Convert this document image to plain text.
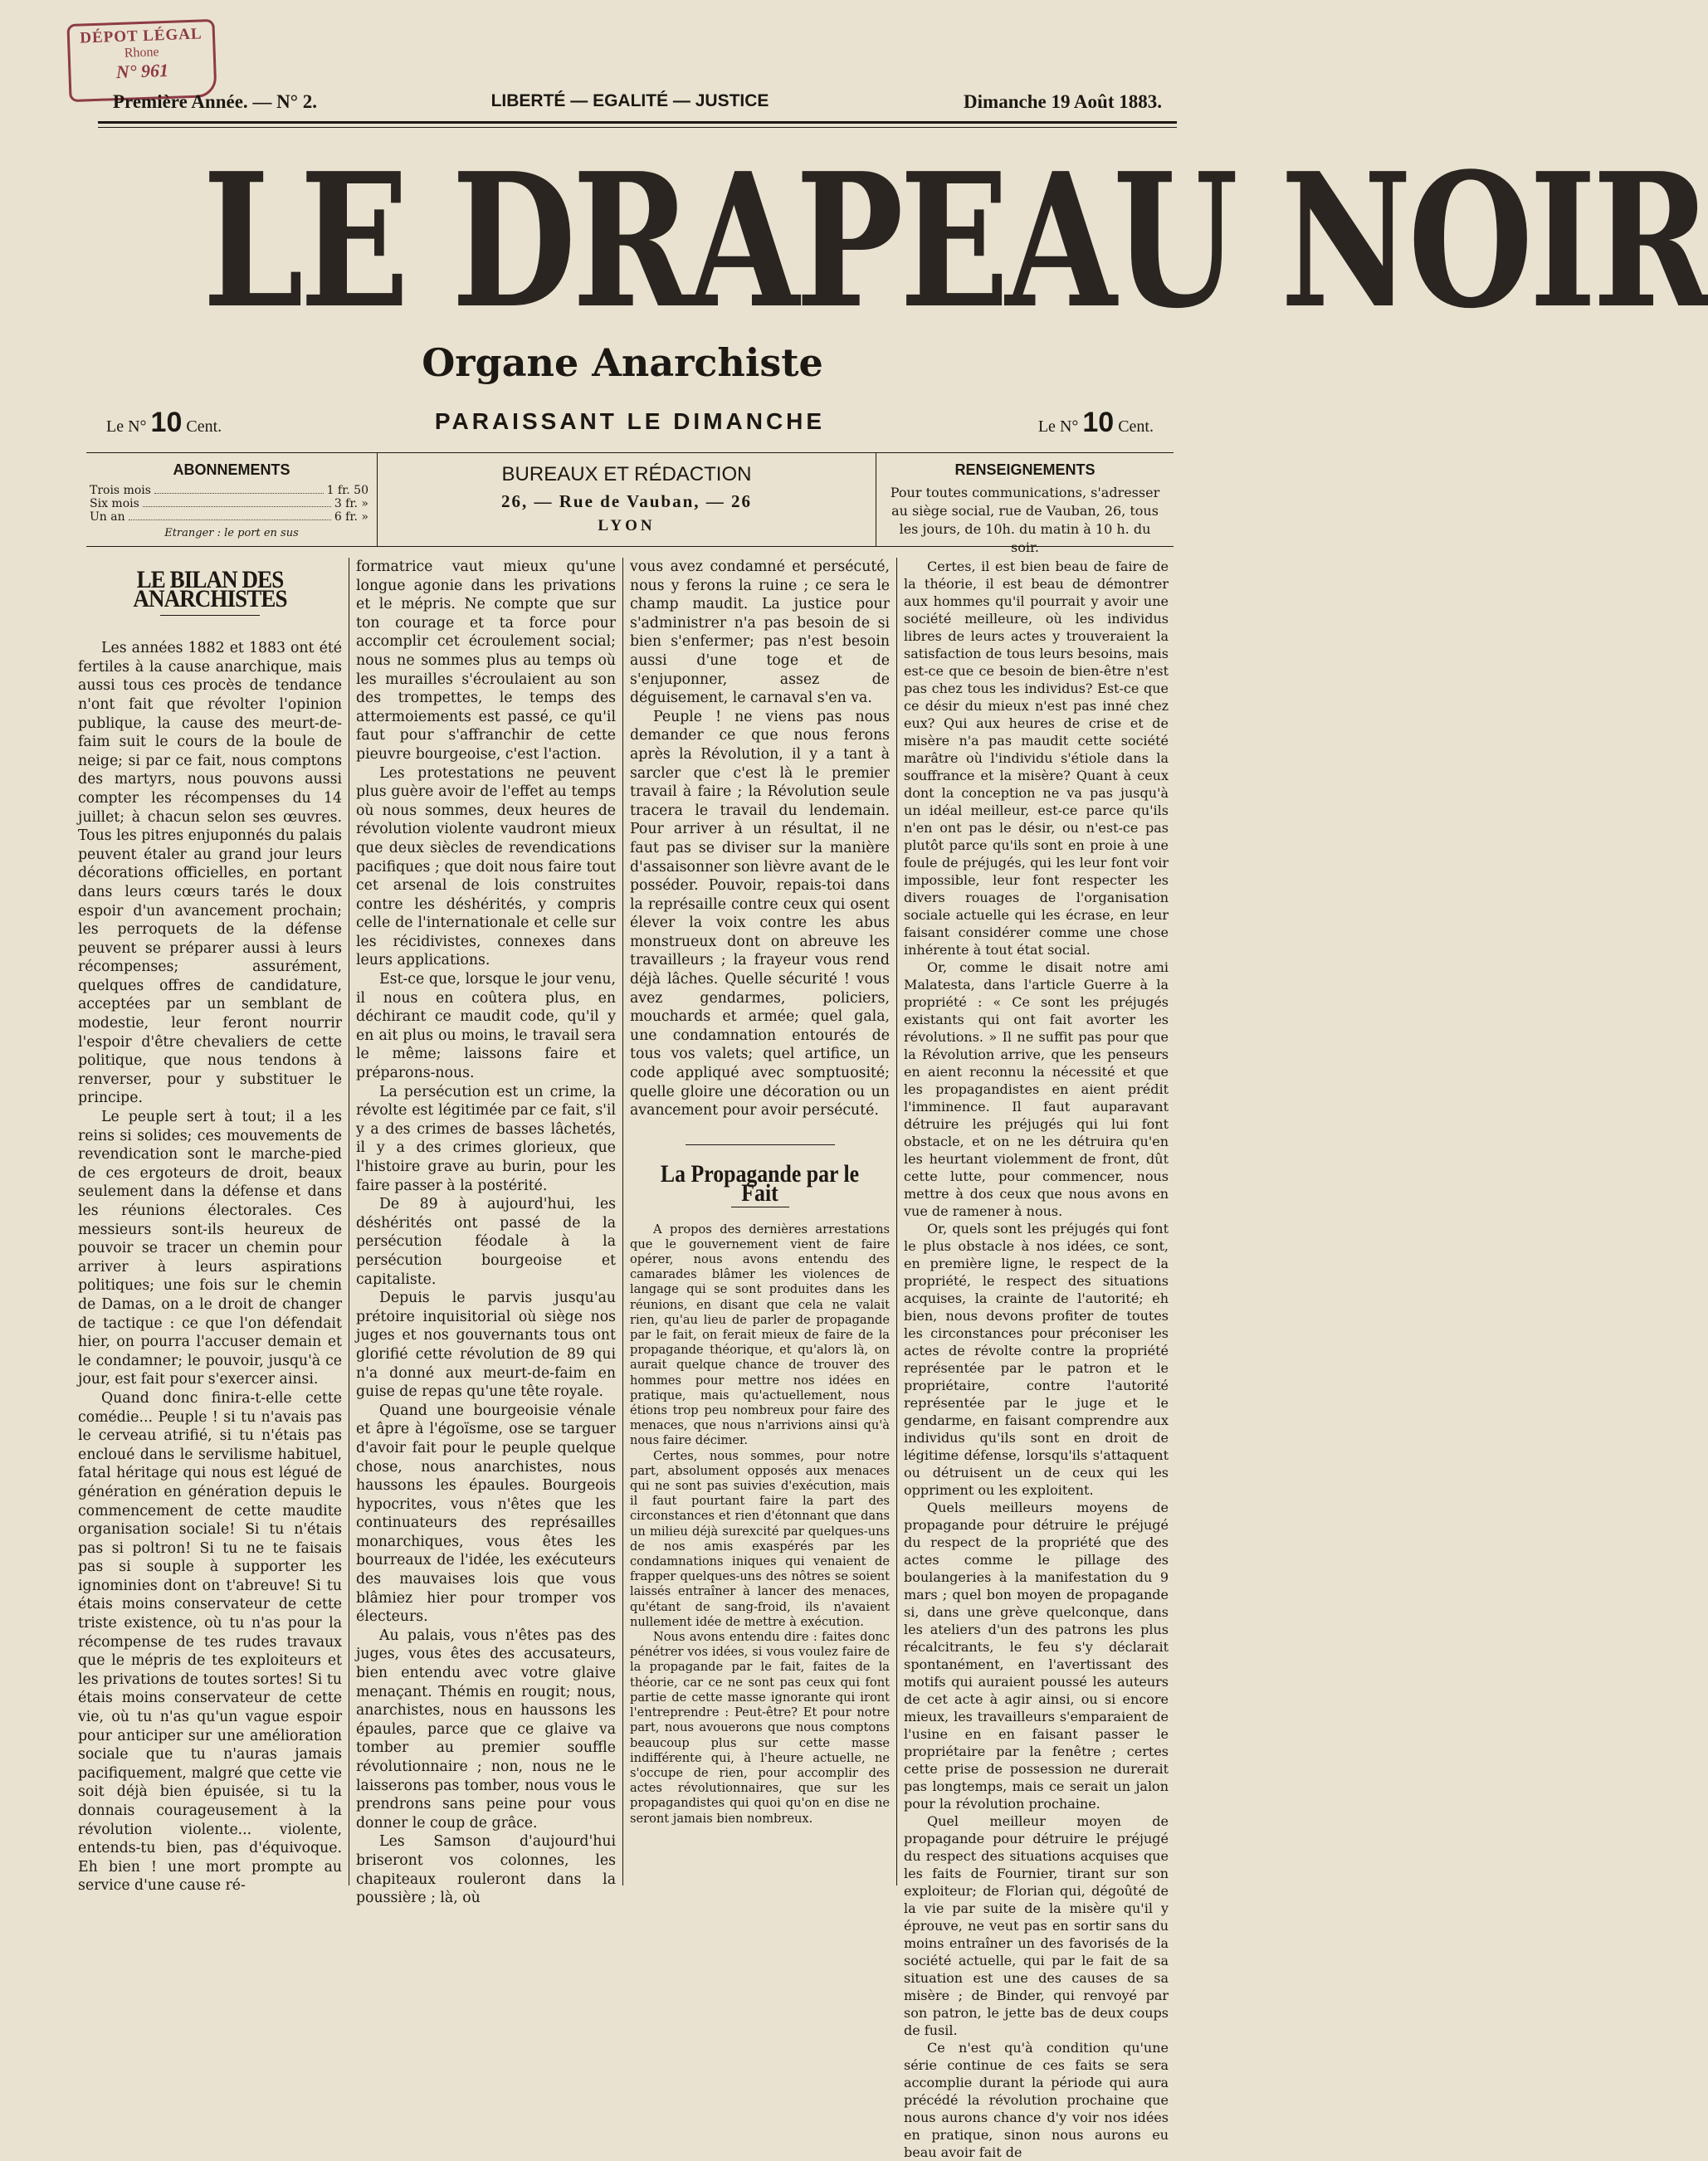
DÉPOT LÉGAL
Rhone
N° 961
Première Année. — N° 2.	LIBERTÉ — EGALITÉ — JUSTICE	Dimanche 19 Août 1883.
LE DRAPEAU NOIR
Organe Anarchiste
Le N° 10 Cent.	PARAISSANT LE DIMANCHE	Le N° 10 Cent.
ABONNEMENTS
Trois mois	1 fr. 50
Six mois	3 fr. »
Un an	6 fr. »
Etranger : le port en sus
BUREAUX ET RÉDACTION
26, — Rue de Vauban, — 26
LYON
RENSEIGNEMENTS
Pour toutes communications, s'adresser au siège social, rue de Vauban, 26, tous les jours, de 10h. du matin à 10 h. du soir.
LE BILAN DES ANARCHISTES

Les années 1882 et 1883 ont été fertiles à la cause anarchique, mais aussi tous ces procès de tendance n'ont fait que révolter l'opinion publique, la cause des meurt-de-faim suit le cours de la boule de neige; si par ce fait, nous comptons des martyrs, nous pouvons aussi compter les récompenses du 14 juillet; à chacun selon ses œuvres. Tous les pitres enjuponnés du palais peuvent étaler au grand jour leurs décorations officielles, en portant dans leurs cœurs tarés le doux espoir d'un avancement prochain; les perroquets de la défense peuvent se préparer aussi à leurs récompenses; assurément, quelques offres de candidature, acceptées par un semblant de modestie, leur feront nourrir l'espoir d'être chevaliers de cette politique, que nous tendons à renverser, pour y substituer le principe.

Le peuple sert à tout; il a les reins si solides; ces mouvements de revendication sont le marche-pied de ces ergoteurs de droit, beaux seulement dans la défense et dans les réunions électorales. Ces messieurs sont-ils heureux de pouvoir se tracer un chemin pour arriver à leurs aspirations politiques; une fois sur le chemin de Damas, on a le droit de changer de tactique : ce que l'on défendait hier, on pourra l'accuser demain et le condamner; le pouvoir, jusqu'à ce jour, est fait pour s'exercer ainsi.

Quand donc finira-t-elle cette comédie... Peuple ! si tu n'avais pas le cerveau atrifié, si tu n'étais pas encloué dans le servilisme habituel, fatal héritage qui nous est légué de génération en génération depuis le commencement de cette maudite organisation sociale! Si tu n'étais pas si poltron! Si tu ne te faisais pas si souple à supporter les ignominies dont on t'abreuve! Si tu étais moins conservateur de cette triste existence, où tu n'as pour la récompense de tes rudes travaux que le mépris de tes exploiteurs et les privations de toutes sortes! Si tu étais moins conservateur de cette vie, où tu n'as qu'un vague espoir pour anticiper sur une amélioration sociale que tu n'auras jamais pacifiquement, malgré que cette vie soit déjà bien épuisée, si tu la donnais courageusement à la révolution violente... violente, entends-tu bien, pas d'équivoque. Eh bien ! une mort prompte au service d'une cause ré-

formatrice vaut mieux qu'une longue agonie dans les privations et le mépris. Ne compte que sur ton courage et ta force pour accomplir cet écroulement social; nous ne sommes plus au temps où les murailles s'écroulaient au son des trompettes, le temps des attermoiements est passé, ce qu'il faut pour s'affranchir de cette pieuvre bourgeoise, c'est l'action.

Les protestations ne peuvent plus guère avoir de l'effet au temps où nous sommes, deux heures de révolution violente vaudront mieux que deux siècles de revendications pacifiques ; que doit nous faire tout cet arsenal de lois construites contre les déshérités, y compris celle de l'internationale et celle sur les récidivistes, connexes dans leurs applications.

Est-ce que, lorsque le jour venu, il nous en coûtera plus, en déchirant ce maudit code, qu'il y en ait plus ou moins, le travail sera le même; laissons faire et préparons-nous.

La persécution est un crime, la révolte est légitimée par ce fait, s'il y a des crimes de basses lâchetés, il y a des crimes glorieux, que l'histoire grave au burin, pour les faire passer à la postérité.

De 89 à aujourd'hui, les déshérités ont passé de la persécution féodale à la persécution bourgeoise et capitaliste.

Depuis le parvis jusqu'au prétoire inquisitorial où siège nos juges et nos gouvernants tous ont glorifié cette révolution de 89 qui n'a donné aux meurt-de-faim en guise de repas qu'une tête royale.

Quand une bourgeoisie vénale et âpre à l'égoïsme, ose se targuer d'avoir fait pour le peuple quelque chose, nous anarchistes, nous haussons les épaules. Bourgeois hypocrites, vous n'êtes que les continuateurs des représailles monarchiques, vous êtes les bourreaux de l'idée, les exécuteurs des mauvaises lois que vous blâmiez hier pour tromper vos électeurs.

Au palais, vous n'êtes pas des juges, vous êtes des accusateurs, bien entendu avec votre glaive menaçant. Thémis en rougit; nous, anarchistes, nous en haussons les épaules, parce que ce glaive va tomber au premier souffle révolutionnaire ; non, nous ne le laisserons pas tomber, nous vous le prendrons sans peine pour vous donner le coup de grâce.

Les Samson d'aujourd'hui briseront vos colonnes, les chapiteaux rouleront dans la poussière ; là, où

vous avez condamné et persécuté, nous y ferons la ruine ; ce sera le champ maudit. La justice pour s'administrer n'a pas besoin de si bien s'enfermer; pas n'est besoin aussi d'une toge et de s'enjuponner, assez de déguisement, le carnaval s'en va.

Peuple ! ne viens pas nous demander ce que nous ferons après la Révolution, il y a tant à sarcler que c'est là le premier travail à faire ; la Révolution seule tracera le travail du lendemain. Pour arriver à un résultat, il ne faut pas se diviser sur la manière d'assaisonner son lièvre avant de le posséder. Pouvoir, repais-toi dans la représaille contre ceux qui osent élever la voix contre les abus monstrueux dont on abreuve les travailleurs ; la frayeur vous rend déjà lâches. Quelle sécurité ! vous avez gendarmes, policiers, mouchards et armée; quel gala, une condamnation entourés de tous vos valets; quel artifice, un code appliqué avec somptuosité; quelle gloire une décoration ou un avancement pour avoir persécuté.

La Propagande par le Fait

A propos des dernières arrestations que le gouvernement vient de faire opérer, nous avons entendu des camarades blâmer les violences de langage qui se sont produites dans les réunions, en disant que cela ne valait rien, qu'au lieu de parler de propagande par le fait, on ferait mieux de faire de la propagande théorique, et qu'alors là, on aurait quelque chance de trouver des hommes pour mettre nos idées en pratique, mais qu'actuellement, nous étions trop peu nombreux pour faire des menaces, que nous n'arrivions ainsi qu'à nous faire décimer.

Certes, nous sommes, pour notre part, absolument opposés aux menaces qui ne sont pas suivies d'exécution, mais il faut pourtant faire la part des circonstances et rien d'étonnant que dans un milieu déjà surexcité par quelques-uns de nos amis exaspérés par les condamnations iniques qui venaient de frapper quelques-uns des nôtres se soient laissés entraîner à lancer des menaces, qu'étant de sang-froid, ils n'avaient nullement idée de mettre à exécution.

Nous avons entendu dire : faites donc pénétrer vos idées, si vous voulez faire de la propagande par le fait, faites de la théorie, car ce ne sont pas ceux qui font partie de cette masse ignorante qui iront l'entreprendre : Peut-être? Et pour notre part, nous avouerons que nous comptons beaucoup plus sur cette masse indifférente qui, à l'heure actuelle, ne s'occupe de rien, pour accomplir des actes révolutionnaires, que sur les propagandistes qui quoi qu'on en dise ne seront jamais bien nombreux.

Certes, il est bien beau de faire de la théorie, il est beau de démontrer aux hommes qu'il pourrait y avoir une société meilleure, où les individus libres de leurs actes y trouveraient la satisfaction de tous leurs besoins, mais est-ce que ce besoin de bien-être n'est pas chez tous les individus? Est-ce que ce désir du mieux n'est pas inné chez eux? Qui aux heures de crise et de misère n'a pas maudit cette société marâtre où l'individu s'étiole dans la souffrance et la misère? Quant à ceux dont la conception ne va pas jusqu'à un idéal meilleur, est-ce parce qu'ils n'en ont pas le désir, ou n'est-ce pas plutôt parce qu'ils sont en proie à une foule de préjugés, qui les leur font voir impossible, leur font respecter les divers rouages de l'organisation sociale actuelle qui les écrase, en leur faisant considérer comme une chose inhérente à tout état social.

Or, comme le disait notre ami Malatesta, dans l'article Guerre à la propriété : « Ce sont les préjugés existants qui ont fait avorter les révolutions. » Il ne suffit pas pour que la Révolution arrive, que les penseurs en aient reconnu la nécessité et que les propagandistes en aient prédit l'imminence. Il faut auparavant détruire les préjugés qui lui font obstacle, et on ne les détruira qu'en les heurtant violemment de front, dût cette lutte, pour commencer, nous mettre à dos ceux que nous avons en vue de ramener à nous.

Or, quels sont les préjugés qui font le plus obstacle à nos idées, ce sont, en première ligne, le respect de la propriété, le respect des situations acquises, la crainte de l'autorité; eh bien, nous devons profiter de toutes les circonstances pour préconiser les actes de révolte contre la propriété représentée par le patron et le propriétaire, contre l'autorité représentée par le juge et le gendarme, en faisant comprendre aux individus qu'ils sont en droit de légitime défense, lorsqu'ils s'attaquent ou détruisent un de ceux qui les oppriment ou les exploitent.

Quels meilleurs moyens de propagande pour détruire le préjugé du respect de la propriété que des actes comme le pillage des boulangeries à la manifestation du 9 mars ; quel bon moyen de propagande si, dans une grève quelconque, dans les ateliers d'un des patrons les plus récalcitrants, le feu s'y déclarait spontanément, en l'avertissant des motifs qui auraient poussé les auteurs de cet acte à agir ainsi, ou si encore mieux, les travailleurs s'emparaient de l'usine en en faisant passer le propriétaire par la fenêtre ; certes cette prise de possession ne durerait pas longtemps, mais ce serait un jalon pour la révolution prochaine.

Quel meilleur moyen de propagande pour détruire le préjugé du respect des situations acquises que les faits de Fournier, tirant sur son exploiteur; de Florian qui, dégoûté de la vie par suite de la misère qu'il y éprouve, ne veut pas en sortir sans du moins entraîner un des favorisés de la société actuelle, qui par le fait de sa situation est une des causes de sa misère ; de Binder, qui renvoyé par son patron, le jette bas de deux coups de fusil.

Ce n'est qu'à condition qu'une série continue de ces faits se sera accomplie durant la période qui aura précédé la révolution prochaine que nous aurons chance d'y voir nos idées en pratique, sinon nous aurons eu beau avoir fait de
